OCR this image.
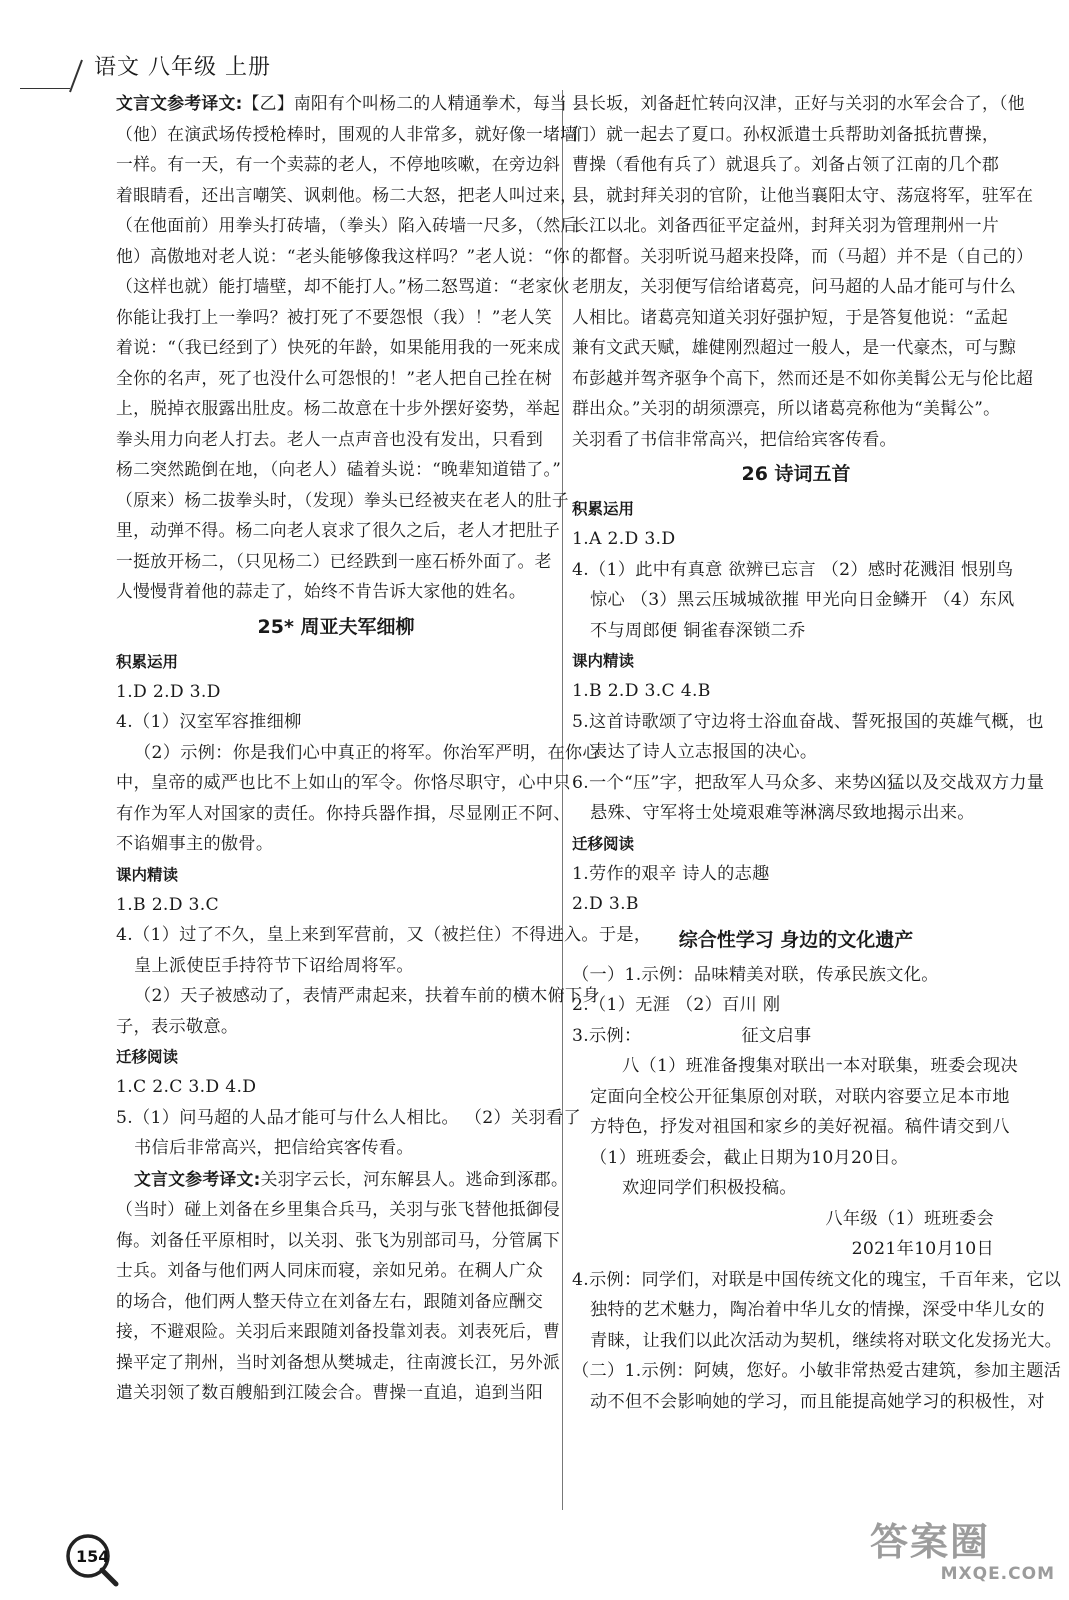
语文 八年级 上册
文言文参考译文:【乙】南阳有个叫杨二的人精通拳术，每当
（他）在演武场传授枪棒时，围观的人非常多，就好像一堵墙
一样。有一天，有一个卖蒜的老人，不停地咳嗽，在旁边斜
着眼睛看，还出言嘲笑、讽刺他。杨二大怒，把老人叫过来，
（在他面前）用拳头打砖墙，（拳头）陷入砖墙一尺多，（然后
他）高傲地对老人说：“老头能够像我这样吗？”老人说：“你
（这样也就）能打墙壁，却不能打人。”杨二怒骂道：“老家伙
你能让我打上一拳吗？被打死了不要怨恨（我）！”老人笑
着说：“（我已经到了）快死的年龄，如果能用我的一死来成
全你的名声，死了也没什么可怨恨的！”老人把自己拴在树
上，脱掉衣服露出肚皮。杨二故意在十步外摆好姿势，举起
拳头用力向老人打去。老人一点声音也没有发出，只看到
杨二突然跪倒在地，（向老人）磕着头说：“晚辈知道错了。”
（原来）杨二拔拳头时，（发现）拳头已经被夹在老人的肚子
里，动弹不得。杨二向老人哀求了很久之后，老人才把肚子
一挺放开杨二，（只见杨二）已经跌到一座石桥外面了。老
人慢慢背着他的蒜走了，始终不肯告诉大家他的姓名。
25* 周亚夫军细柳
积累运用
1.D 2.D 3.D
4.（1）汉室军容推细柳
（2）示例：你是我们心中真正的将军。你治军严明，在你心
中，皇帝的威严也比不上如山的军令。你恪尽职守，心中只
有作为军人对国家的责任。你持兵器作揖，尽显刚正不阿、
不谄媚事主的傲骨。
课内精读
1.B 2.D 3.C
4.（1）过了不久，皇上来到军营前，又（被拦住）不得进入。于是，
皇上派使臣手持符节下诏给周将军。
（2）天子被感动了，表情严肃起来，扶着车前的横木俯下身
子，表示敬意。
迁移阅读
1.C 2.C 3.D 4.D
5.（1）问马超的人品才能可与什么人相比。 （2）关羽看了
书信后非常高兴，把信给宾客传看。
文言文参考译文:关羽字云长，河东解县人。逃命到涿郡。
（当时）碰上刘备在乡里集合兵马，关羽与张飞替他抵御侵
侮。刘备任平原相时，以关羽、张飞为别部司马，分管属下
士兵。刘备与他们两人同床而寝，亲如兄弟。在稠人广众
的场合，他们两人整天侍立在刘备左右，跟随刘备应酬交
接，不避艰险。关羽后来跟随刘备投靠刘表。刘表死后，曹
操平定了荆州，当时刘备想从樊城走，往南渡长江，另外派
遣关羽领了数百艘船到江陵会合。曹操一直追，追到当阳
县长坂，刘备赶忙转向汉津，正好与关羽的水军会合了，（他
们）就一起去了夏口。孙权派遣士兵帮助刘备抵抗曹操，
曹操（看他有兵了）就退兵了。刘备占领了江南的几个郡
县，就封拜关羽的官阶，让他当襄阳太守、荡寇将军，驻军在
长江以北。刘备西征平定益州，封拜关羽为管理荆州一片
的都督。关羽听说马超来投降，而（马超）并不是（自己的）
老朋友，关羽便写信给诸葛亮，问马超的人品才能可与什么
人相比。诸葛亮知道关羽好强护短，于是答复他说：“孟起
兼有文武天赋，雄健刚烈超过一般人，是一代豪杰，可与黥
布彭越并驾齐驱争个高下，然而还是不如你美髯公无与伦比超
群出众。”关羽的胡须漂亮，所以诸葛亮称他为“美髯公”。
关羽看了书信非常高兴，把信给宾客传看。
26 诗词五首
积累运用
1.A 2.D 3.D
4.（1）此中有真意 欲辨已忘言 （2）感时花溅泪 恨别鸟
惊心 （3）黑云压城城欲摧 甲光向日金鳞开 （4）东风
不与周郎便 铜雀春深锁二乔
课内精读
1.B 2.D 3.C 4.B
5.这首诗歌颂了守边将士浴血奋战、誓死报国的英雄气概，也
表达了诗人立志报国的决心。
6.一个“压”字，把敌军人马众多、来势凶猛以及交战双方力量
悬殊、守军将士处境艰难等淋漓尽致地揭示出来。
迁移阅读
1.劳作的艰辛 诗人的志趣
2.D 3.B
综合性学习 身边的文化遗产
（一）1.示例：品味精美对联，传承民族文化。
2.（1）无涯 （2）百川 刚
3.示例：	征文启事
八（1）班准备搜集对联出一本对联集，班委会现决
定面向全校公开征集原创对联，对联内容要立足本市地
方特色，抒发对祖国和家乡的美好祝福。稿件请交到八
（1）班班委会，截止日期为10月20日。
欢迎同学们积极投稿。
八年级（1）班班委会
2021年10月10日
4.示例：同学们，对联是中国传统文化的瑰宝，千百年来，它以
独特的艺术魅力，陶冶着中华儿女的情操，深受中华儿女的
青睐，让我们以此次活动为契机，继续将对联文化发扬光大。
（二）1.示例：阿姨，您好。小敏非常热爱古建筑，参加主题活
动不但不会影响她的学习，而且能提高她学习的积极性，对
154	答案圈
MXQE.COM
